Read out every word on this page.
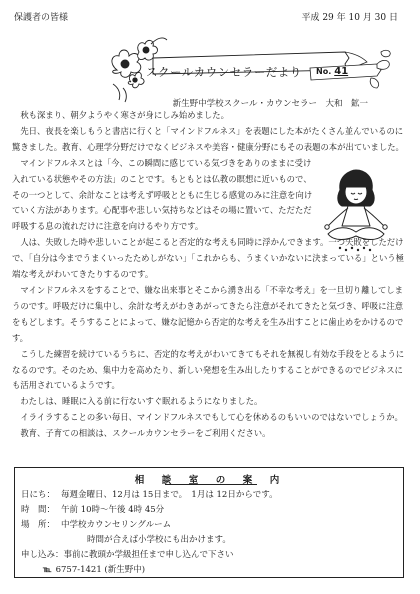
保護者の皆様	平成 29 年 10 月 30 日
スクールカウンセラーだより No. 41
新生野中学校スクール・カウンセラー　大和　鉱一

秋も深まり、朝夕ようやく寒さが身にしみ始めました。

先日、夜長を楽しもうと書店に行くと「マインドフルネス」を表題にした本がたくさん並んでいるのに驚きました。教育、心理学分野だけでなくビジネスや美容・健康分野にもその表題の本が出ていました。

マインドフルネスとは「今、この瞬間に感じている気づきをありのままに受け入れている状態やその方法」のことです。もともとは仏教の瞑想に近いもので、その一つとして、余計なことは考えず呼吸とともに生じる感覚のみに注意を向けていく方法があります。心配事や悲しい気持ちなどはその場に置いて、ただただ呼吸する息の流れだけに注意を向けるやり方です。

人は、失敗した時や悲しいことが起こると否定的な考えも同時に浮かんできます。一つ失敗をしただけで、「自分は今までうまくいったためしがない」「これからも、うまくいかないに決まっている」という極端な考えがわいてきたりするのです。

マインドフルネスをすることで、嫌な出来事とそこから湧き出る「不幸な考え」を一旦切り離してしまうのです。呼吸だけに集中し、余計な考えがわきあがってきたら注意がそれてきたと気づき、呼吸に注意をもどします。そうすることによって、嫌な記憶から否定的な考えを生み出すことに歯止めをかけるのです。

こうした練習を続けているうちに、否定的な考えがわいてきてもそれを無視し有効な手段をとるようになるのです。そのため、集中力を高めたり、新しい発想を生み出したりすることができるのでビジネスにも活用されているようです。

わたしは、睡眠に入る前に行ないすぐ眠れるようになりました。

イライラすることの多い毎日、マインドフルネスでもして心を休めるのもいいのではないでしょうか。

教育、子育ての相談は、スクールカウンセラーをご利用ください。

相　談　室　の　案　内
日にち： 毎週金曜日、12月は 15日まで。　1月は 12日からです。
時　間： 午前 10時～午後 4時 45分
場　所： 中学校カウンセリングルーム
時間が合えば小学校にも出かけます。
申し込み：事前に教頭か学級担任まで申し込んで下さい
℡ 6757-1421 (新生野中)
